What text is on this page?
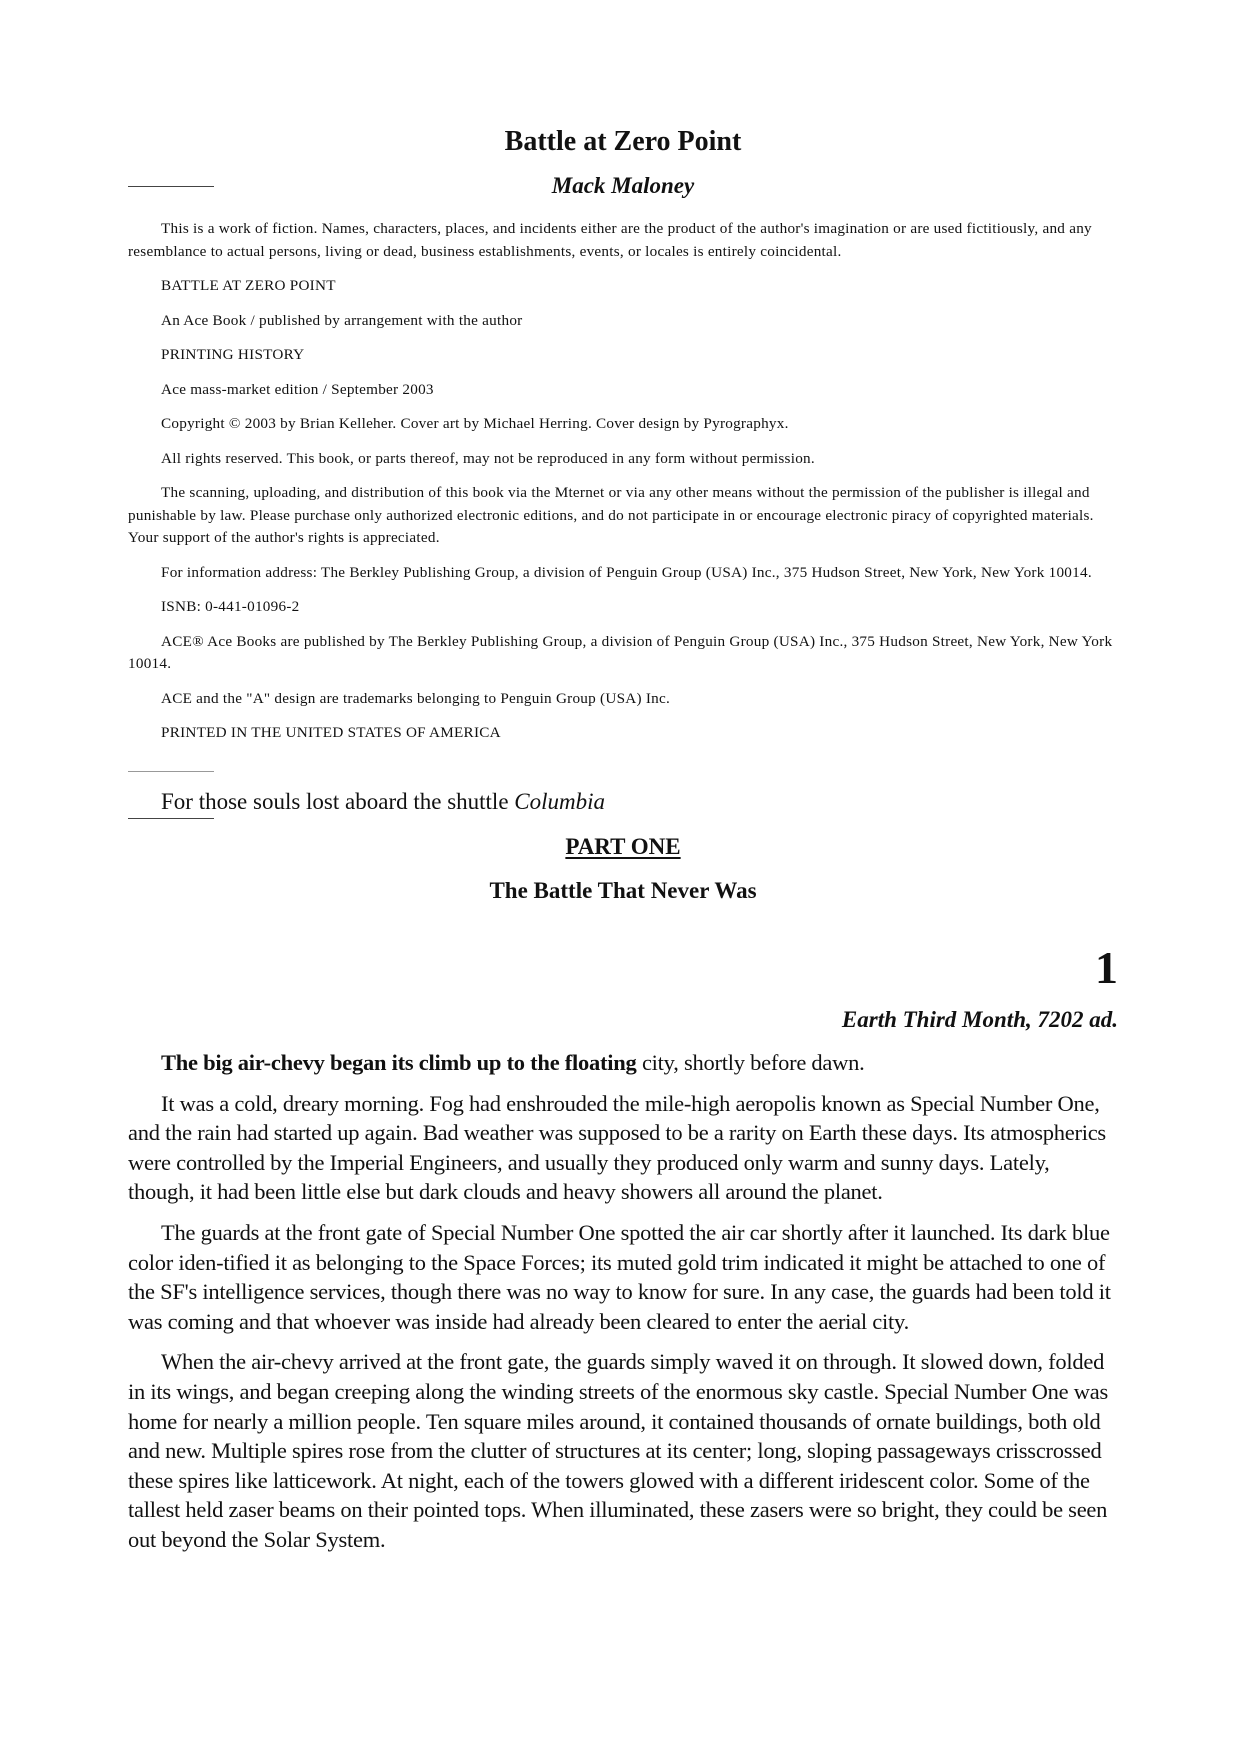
Battle at Zero Point
Mack Maloney

This is a work of fiction. Names, characters, places, and incidents either are the product of the author's imagination or are used fictitiously, and any resemblance to actual persons, living or dead, business establishments, events, or locales is entirely coincidental.

BATTLE AT ZERO POINT

An Ace Book / published by arrangement with the author

PRINTING HISTORY

Ace mass-market edition / September 2003

Copyright © 2003 by Brian Kelleher. Cover art by Michael Herring. Cover design by Pyrographyx.

All rights reserved. This book, or parts thereof, may not be reproduced in any form without permission.

The scanning, uploading, and distribution of this book via the Mternet or via any other means without the permission of the publisher is illegal and punishable by law. Please purchase only authorized electronic editions, and do not participate in or encourage electronic piracy of copyrighted materials. Your support of the author's rights is appreciated.

For information address: The Berkley Publishing Group, a division of Penguin Group (USA) Inc., 375 Hudson Street, New York, New York 10014.

ISNB: 0-441-01096-2

ACE® Ace Books are published by The Berkley Publishing Group, a division of Penguin Group (USA) Inc., 375 Hudson Street, New York, New York 10014.

ACE and the "A" design are trademarks belonging to Penguin Group (USA) Inc.

PRINTED IN THE UNITED STATES OF AMERICA

For those souls lost aboard the shuttle Columbia
PART ONE
The Battle That Never Was
1
Earth Third Month, 7202 ad.

The big air-chevy began its climb up to the floating city, shortly before dawn.

It was a cold, dreary morning. Fog had enshrouded the mile-high aeropolis known as Special Number One, and the rain had started up again. Bad weather was supposed to be a rarity on Earth these days. Its atmospherics were controlled by the Imperial Engineers, and usually they produced only warm and sunny days. Lately, though, it had been little else but dark clouds and heavy showers all around the planet.

The guards at the front gate of Special Number One spotted the air car shortly after it launched. Its dark blue color iden-tified it as belonging to the Space Forces; its muted gold trim indicated it might be attached to one of the SF's intelligence services, though there was no way to know for sure. In any case, the guards had been told it was coming and that whoever was inside had already been cleared to enter the aerial city.

When the air-chevy arrived at the front gate, the guards simply waved it on through. It slowed down, folded in its wings, and began creeping along the winding streets of the enormous sky castle. Special Number One was home for nearly a million people. Ten square miles around, it contained thousands of ornate buildings, both old and new. Multiple spires rose from the clutter of structures at its center; long, sloping passageways crisscrossed these spires like latticework. At night, each of the towers glowed with a different iridescent color. Some of the tallest held zaser beams on their pointed tops. When illuminated, these zasers were so bright, they could be seen out beyond the Solar System.
